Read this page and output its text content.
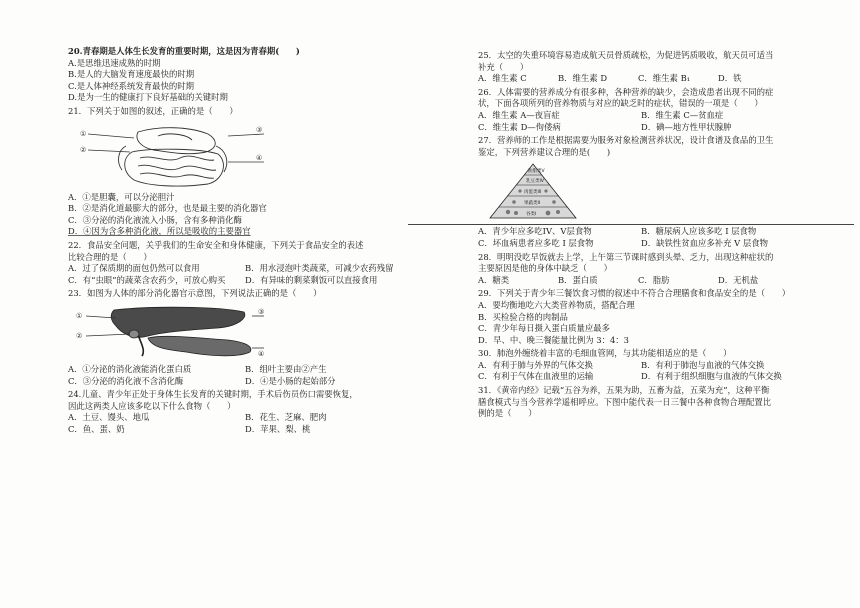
20.青春期是人体生长发育的重要时期，这是因为青春期(　　)
A.是思维迅速成熟的时期
B.是人的大脑发育速度最快的时期
C.是人体神经系统发育最快的时期
D.是为一生的健康打下良好基础的关键时期
21．下列关于如图的叙述，正确的是（　　）
①
②
③
④
A．①是胆囊，可以分泌胆汁
B．②是消化道最膨大的部分，也是最主要的消化器官
C．③分泌的消化液流入小肠，含有多种消化酶
D．④因为含多种消化液，所以是吸收的主要器官
22．食品安全问题，关乎我们的生命安全和身体健康，下列关于食品安全的表述
比较合理的是（　　）
A．过了保质期的面包仍然可以食用	B．用水浸泡叶类蔬菜，可减少农药残留
C．有“虫眼”的蔬菜含农药少，可放心购买	D．有异味的剩菜剩饭可以直接食用
23．如图为人体的部分消化器官示意图，下列说法正确的是（　　）
①
②
③
④
A．①分泌的消化液能消化蛋白质	B．组叶主要由②产生
C．③分泌的消化液不含消化酶	D．④是小肠的起始部分
24.儿童、青少年正处于身体生长发育的关键时期，手术后伤员伤口需要恢复，
因此这两类人应该多吃以下什么食物（　　）
A．土豆、馒头、地瓜	B．花生、芝麻、肥肉
C．鱼、蛋、奶	D．苹果、梨、桃
25．太空的失重环境容易造成航天员骨质疏松，为促进钙质吸收，航天员可适当
补充（　　）
A．维生素 C	B．维生素 D	C．维生素 B₁	D．铁
26．人体需要的营养成分有很多种，各种营养的缺少，会造成患者出现不同的症
状，下面各项所列的营养物质与对应的缺乏时的症状，错误的一项是（　　）
A．维生素 A—夜盲症	B．维生素 C—贫血症
C．维生素 D—佝偻病	D．碘—地方性甲状腺肿
27．营养师的工作是根据需要为服务对象检测营养状况，设计食谱及食品的卫生
鉴定，下列营养建议合理的是(　　)
油脂类V
乳豆类IV
肉蛋类III
果蔬类II
谷类I
A．青少年应多吃IV、V层食物	B．糖尿病人应该多吃 I 层食物
C．坏血病患者应多吃 I 层食物	D．缺铁性贫血应多补充 V 层食物
28．明明没吃早饭就去上学，上午第三节课时感到头晕、乏力，出现这种症状的
主要原因是他的身体中缺乏（　　）
A．糖类	B．蛋白质	C．脂肪	D．无机盐
29．下列关于青少年三餐饮食习惯的叙述中不符合合理膳食和食品安全的是（　　）
A．要均衡地吃六大类营养物质，搭配合理
B．买检验合格的肉制品
C．青少年每日摄入蛋白质量应最多
D．早、中、晚三餐能量比例为 3：4：3
30．肺泡外缠绕着丰富的毛细血管网，与其功能相适应的是（　　）
A．有利于肺与外界的气体交换	B．有利于肺泡与血液的气体交换
C．有利于气体在血液里的运输	D．有利于组织细胞与血液的气体交换
31．《黄帝内经》记载“五谷为养，五果为助，五畜为益，五菜为充”，这种平衡
膳食模式与当今营养学遥相呼应。下图中能代表一日三餐中各种食物合理配置比
例的是（　　）
